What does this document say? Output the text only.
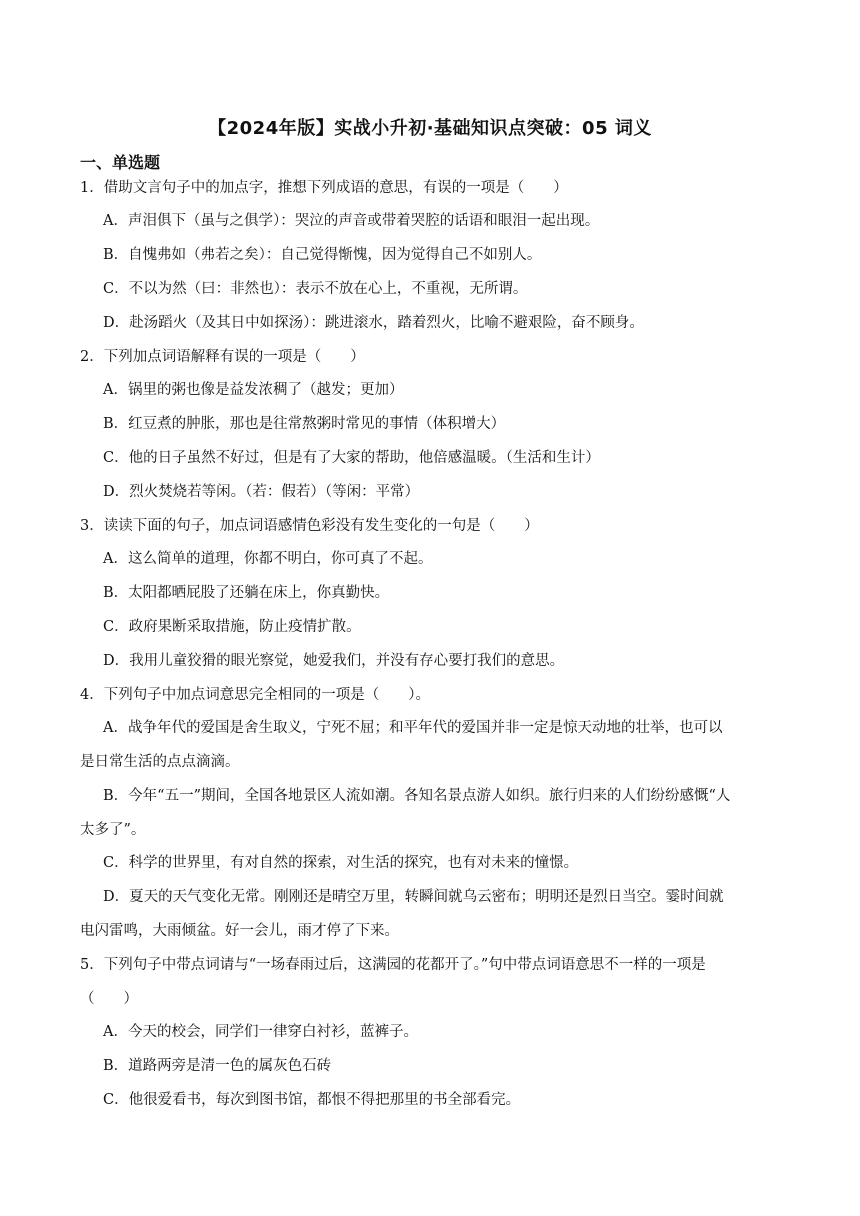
【2024年版】实战小升初·基础知识点突破：05 词义
一、单选题
1．借助文言句子中的加点字，推想下列成语的意思，有误的一项是（　　）
A．声泪俱下（虽与之俱学）：哭泣的声音或带着哭腔的话语和眼泪一起出现。
B．自愧弗如（弗若之矣）：自己觉得惭愧，因为觉得自己不如别人。
C．不以为然（曰：非然也）：表示不放在心上，不重视，无所谓。
D．赴汤蹈火（及其日中如探汤）：跳进滚水，踏着烈火，比喻不避艰险，奋不顾身。
2．下列加点词语解释有误的一项是（　　）
A．锅里的粥也像是益发浓稠了（越发；更加）
B．红豆煮的肿胀，那也是往常熬粥时常见的事情（体积增大）
C．他的日子虽然不好过，但是有了大家的帮助，他倍感温暖。（生活和生计）
D．烈火焚烧若等闲。（若：假若）（等闲：平常）
3．读读下面的句子，加点词语感情色彩没有发生变化的一句是（　　）
A．这么简单的道理，你都不明白，你可真了不起。
B．太阳都晒屁股了还躺在床上，你真勤快。
C．政府果断采取措施，防止疫情扩散。
D．我用儿童狡猾的眼光察觉，她爱我们，并没有存心要打我们的意思。
4．下列句子中加点词意思完全相同的一项是（　　）。
A．战争年代的爱国是舍生取义，宁死不屈；和平年代的爱国并非一定是惊天动地的壮举，也可以
是日常生活的点点滴滴。
B．今年“五一”期间，全国各地景区人流如潮。各知名景点游人如织。旅行归来的人们纷纷感慨“人
太多了”。
C．科学的世界里，有对自然的探索，对生活的探究，也有对未来的憧憬。
D．夏天的天气变化无常。刚刚还是晴空万里，转瞬间就乌云密布；明明还是烈日当空。霎时间就
电闪雷鸣，大雨倾盆。好一会儿，雨才停了下来。
5．下列句子中带点词请与“一场春雨过后，这满园的花都开了。”句中带点词语意思不一样的一项是
（　　）
A．今天的校会，同学们一律穿白衬衫，蓝裤子。
B．道路两旁是清一色的属灰色石砖
C．他很爱看书，每次到图书馆，都恨不得把那里的书全部看完。
